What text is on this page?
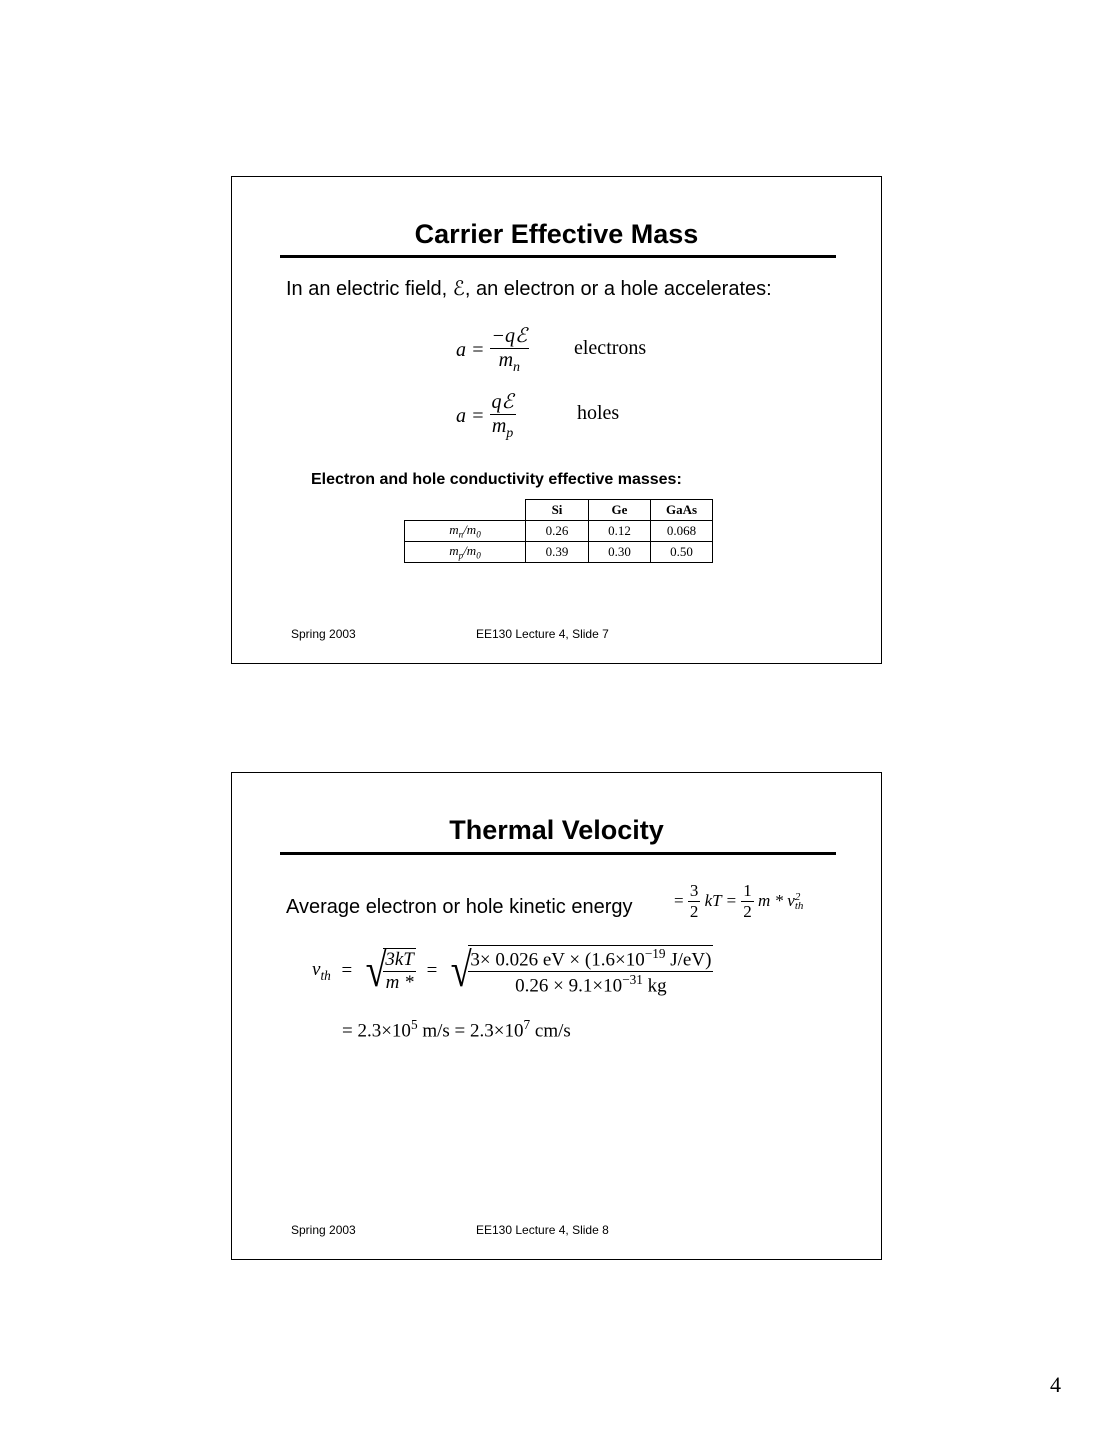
Carrier Effective Mass
In an electric field, ℰ, an electron or a hole accelerates:
$a = \frac{\text{−qℰ}}{m_n}$ electrons
$a = \frac{\text{qℰ}}{m_p}$	holes
Electron and hole conductivity effective masses:
	Si	Ge	GaAs
$m_n/m_0$	0.26	0.12	0.068
$m_p/m_0$	0.39	0.30	0.50
Spring 2003	EE130 Lecture 4, Slide 7
Thermal Velocity
Average electron or hole kinetic energy = $\frac{3}{2}$ kT = $\frac{1}{2}$ m * v 2
th
$v_{th}$ = √
$\frac{3kT}{m *}$ = √
$\frac{3\times 0.026 eV \times (1.6\times 10^{-19} J/eV)}{0.26 \times 9.1\times 10^{-31} kg}$
= $2.3\times 10^5$ $m/s = 2.3\times 10^7$ cm/s
Spring 2003	EE130 Lecture 4, Slide 8
4
